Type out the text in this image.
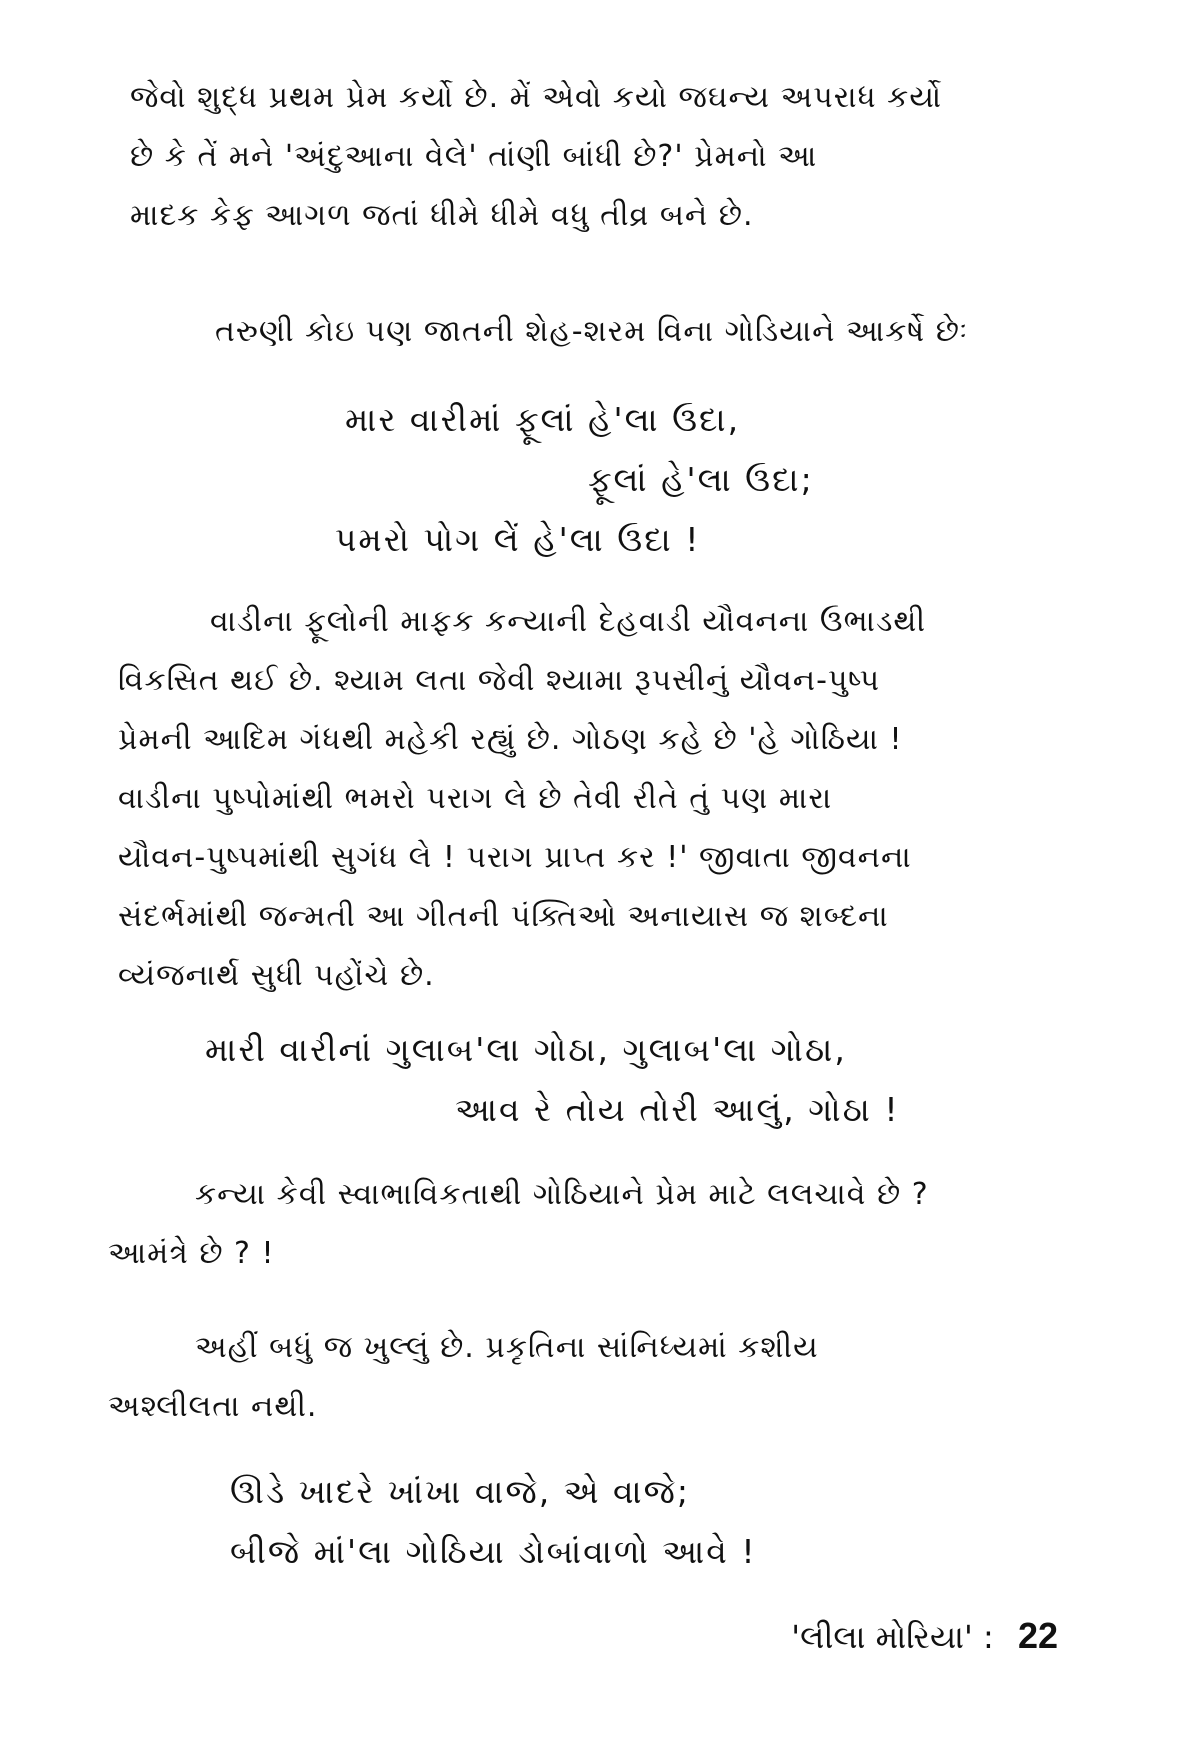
જેવો શુદ્ધ પ્રથમ પ્રેમ કર્યો છે. મેં એવો કયો જઘન્ય અપરાધ કર્યો

છે કે તેં મને 'અંદુઆના વેલે' તાંણી બાંધી છે?' પ્રેમનો આ

માદક કેફ આગળ જતાં ધીમે ધીમે વધુ તીવ્ર બને છે.

તરુણી કોઇ પણ જાતની શેહ-શરમ વિના ગોડિયાને આકર્ષે છેઃ

માર વારીમાં ફૂલાં હે'લા ઉદા,

ફૂલાં હે'લા ઉદા;

પમરો પોગ લેં હે'લા ઉદા !

વાડીના ફૂલોની માફક કન્યાની દેહવાડી યૌવનના ઉભાડથી

વિકસિત થઈ છે. શ્યામ લતા જેવી શ્યામા રૂપસીનું યૌવન-પુષ્પ

પ્રેમની આદિમ ગંધથી મહેકી રહ્યું છે. ગોઠણ કહે છે 'હે ગોઠિયા !

વાડીના પુષ્પોમાંથી ભમરો પરાગ લે છે તેવી રીતે તું પણ મારા

યૌવન-પુષ્પમાંથી સુગંધ લે ! પરાગ પ્રાપ્ત કર !' જીવાતા જીવનના

સંદર્ભમાંથી જન્મતી આ ગીતની પંક્તિઓ અનાયાસ જ શબ્દના

વ્યંજનાર્થ સુધી પહોંચે છે.

મારી વારીનાં ગુલાબ'લા ગોઠા, ગુલાબ'લા ગોઠા,

આવ રે તોય તોરી આલું, ગોઠા !

કન્યા કેવી સ્વાભાવિકતાથી ગોઠિયાને પ્રેમ માટે લલચાવે છે ?

આમંત્રે છે ? !

અહીં બધું જ ખુલ્લું છે. પ્રકૃતિના સાંનિધ્યમાં કશીય

અશ્લીલતા નથી.

ઊડે ખાદરે ખાંખા વાજે, એ વાજે;

બીજે માં'લા ગોઠિયા ડોબાંવાળો આવે !

'લીલા મોરિયા' : 22
